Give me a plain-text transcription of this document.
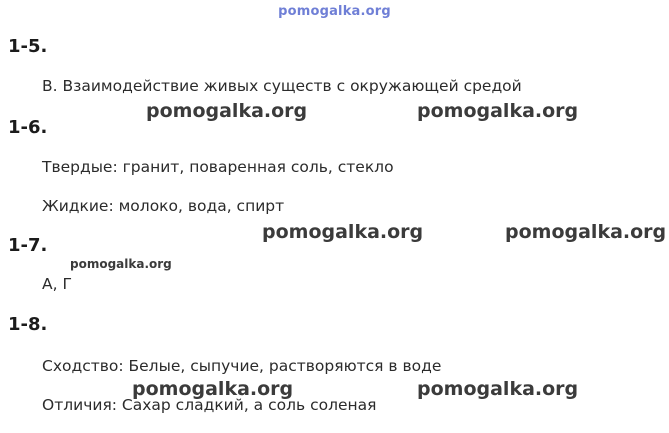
pomogalka.org
1-5.
В. Взаимодействие живых существ с окружающей средой
1-6.
Твердые: гранит, поваренная соль, стекло
Жидкие: молоко, вода, спирт
1-7.
А, Г
1-8.
Сходство: Белые, сыпучие, растворяются в воде
Отличия: Сахар сладкий, а соль соленая
pomogalka.org	pomogalka.org
pomogalka.org	pomogalka.org
pomogalka.org
pomogalka.org	pomogalka.org
